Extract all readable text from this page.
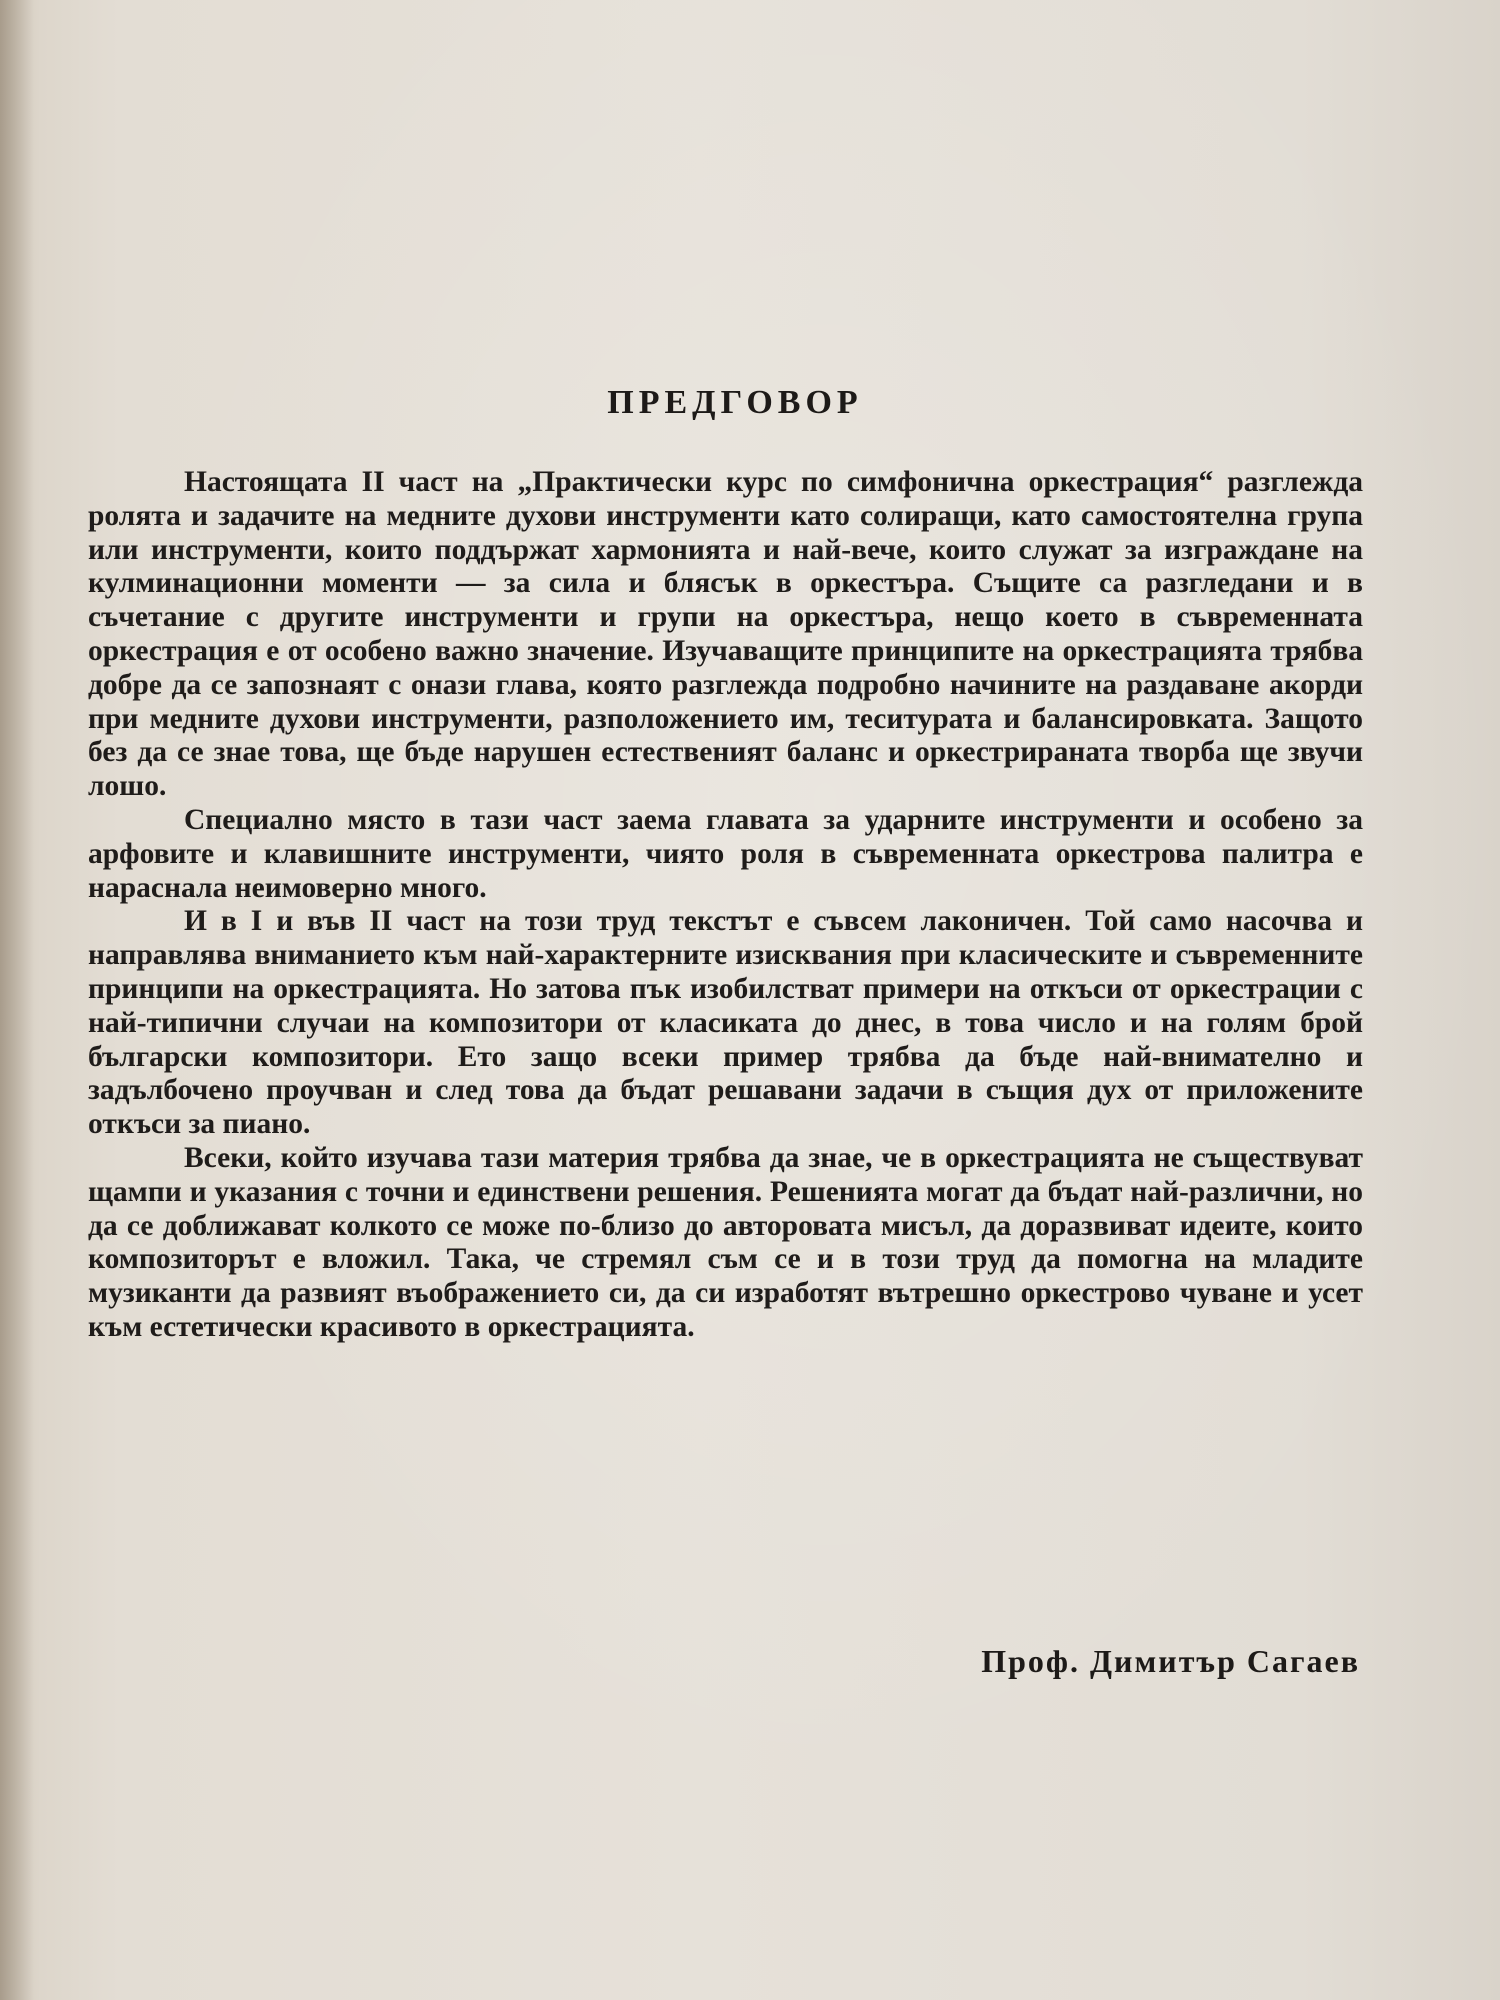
ПРЕДГОВОР

Настоящата II част на „Практически курс по симфонична оркестрация“ разглежда ролята и задачите на медните духови инструменти като солиращи, като самостоятелна група или инструменти, които поддържат хармонията и най-вече, които служат за изграждане на кулминационни моменти — за сила и блясък в оркестъра. Същите са разгледани и в съчетание с другите инструменти и групи на оркестъра, нещо което в съвременната оркестрация е от особено важно значение. Изучаващите принципите на оркестрацията трябва добре да се запознаят с онази глава, която разглежда подробно начините на раздаване акорди при медните духови инструменти, разположението им, теситурата и балансировката. Защото без да се знае това, ще бъде нарушен естественият баланс и оркестрираната творба ще звучи лошо.

Специално място в тази част заема главата за ударните инструменти и особено за арфовите и клавишните инструменти, чиято роля в съвременната оркестрова палитра е нараснала неимоверно много.

И в I и във II част на този труд текстът е съвсем лаконичен. Той само насочва и направлява вниманието към най-характерните изисквания при класическите и съвременните принципи на оркестрацията. Но затова пък изобилстват примери на откъси от оркестрации с най-типични случаи на композитори от класиката до днес, в това число и на голям брой български композитори. Ето защо всеки пример трябва да бъде най-внимателно и задълбочено проучван и след това да бъдат решавани задачи в същия дух от приложените откъси за пиано.

Всеки, който изучава тази материя трябва да знае, че в оркестрацията не съществуват щампи и указания с точни и единствени решения. Решенията могат да бъдат най-различни, но да се доближават колкото се може по-близо до авторовата мисъл, да доразвиват идеите, които композиторът е вложил. Така, че стремял съм се и в този труд да помогна на младите музиканти да развият въображението си, да си изработят вътрешно оркестрово чуване и усет към естетически красивото в оркестрацията.

Проф. Димитър Сагаев
